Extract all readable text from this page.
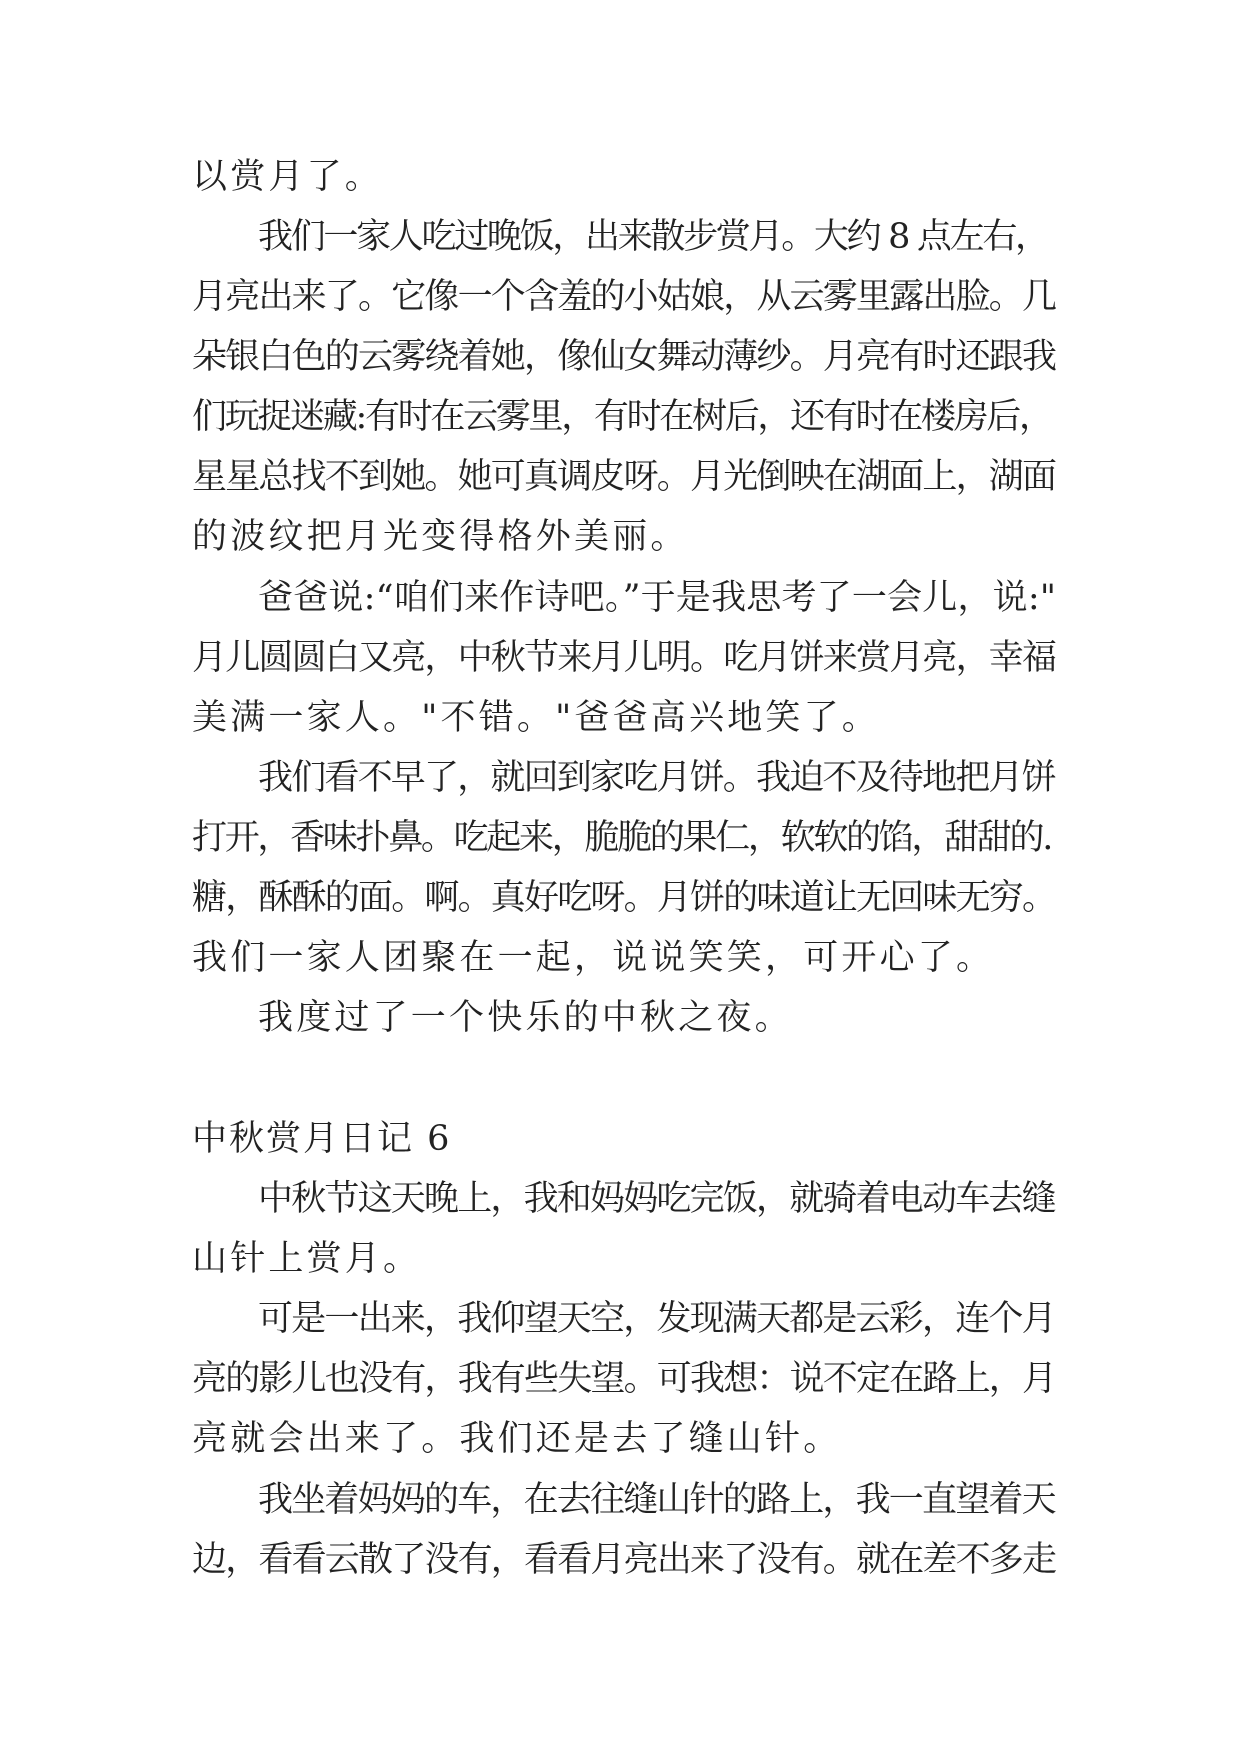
以赏月了。
我们一家人吃过晚饭，出来散步赏月。大约 8 点左右，
月亮出来了。它像一个含羞的小姑娘，从云雾里露出脸。几
朵银白色的云雾绕着她，像仙女舞动薄纱。月亮有时还跟我
们玩捉迷藏:有时在云雾里，有时在树后，还有时在楼房后，
星星总找不到她。她可真调皮呀。月光倒映在湖面上，湖面
的波纹把月光变得格外美丽。
爸爸说:“咱们来作诗吧。”于是我思考了一会儿，说:"
月儿圆圆白又亮，中秋节来月儿明。吃月饼来赏月亮，幸福
美满一家人。"不错。"爸爸高兴地笑了。
我们看不早了，就回到家吃月饼。我迫不及待地把月饼
打开，香味扑鼻。吃起来，脆脆的果仁，软软的馅，甜甜的.
糖，酥酥的面。啊。真好吃呀。月饼的味道让无回味无穷。
我们一家人团聚在一起，说说笑笑，可开心了。
我度过了一个快乐的中秋之夜。
中秋赏月日记 6
中秋节这天晚上，我和妈妈吃完饭，就骑着电动车去缝
山针上赏月。
可是一出来，我仰望天空，发现满天都是云彩，连个月
亮的影儿也没有，我有些失望。可我想：说不定在路上，月
亮就会出来了。我们还是去了缝山针。
我坐着妈妈的车，在去往缝山针的路上，我一直望着天
边，看看云散了没有，看看月亮出来了没有。就在差不多走
